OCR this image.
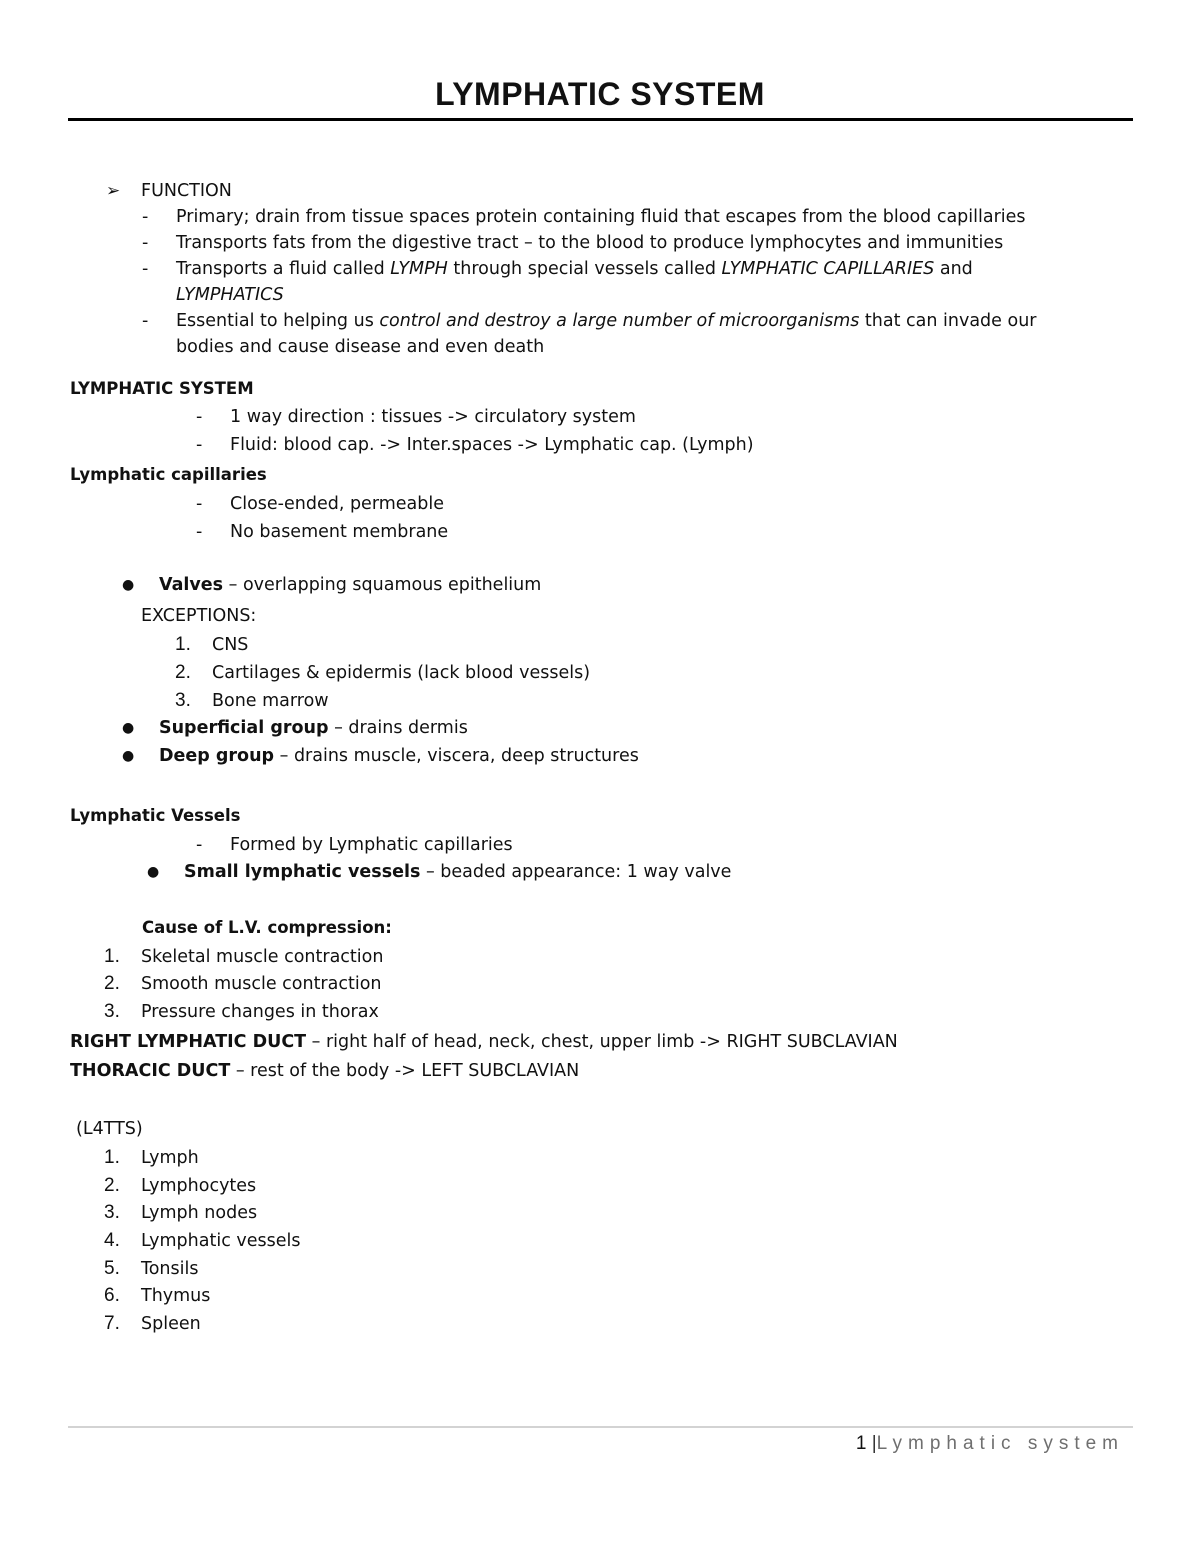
LYMPHATIC SYSTEM
➢ FUNCTION
- Primary; drain from tissue spaces protein containing fluid that escapes from the blood capillaries
- Transports fats from the digestive tract – to the blood to produce lymphocytes and immunities
- Transports a fluid called LYMPH through special vessels called LYMPHATIC CAPILLARIES and
LYMPHATICS
- Essential to helping us control and destroy a large number of microorganisms that can invade our
bodies and cause disease and even death
LYMPHATIC SYSTEM
- 1 way direction : tissues -> circulatory system
- Fluid: blood cap. -> Inter.spaces -> Lymphatic cap. (Lymph)
Lymphatic capillaries
- Close-ended, permeable
- No basement membrane
● Valves – overlapping squamous epithelium
EXCEPTIONS:
1. CNS
2. Cartilages & epidermis (lack blood vessels)
3. Bone marrow
● Superficial group – drains dermis
● Deep group – drains muscle, viscera, deep structures
Lymphatic Vessels
- Formed by Lymphatic capillaries
● Small lymphatic vessels – beaded appearance: 1 way valve
Cause of L.V. compression:
1. Skeletal muscle contraction
2. Smooth muscle contraction
3. Pressure changes in thorax
RIGHT LYMPHATIC DUCT – right half of head, neck, chest, upper limb -> RIGHT SUBCLAVIAN
THORACIC DUCT – rest of the body -> LEFT SUBCLAVIAN
(L4TTS)
1. Lymph
2. Lymphocytes
3. Lymph nodes
4. Lymphatic vessels
5. Tonsils
6. Thymus
7. Spleen
1 |Lymphatic system
